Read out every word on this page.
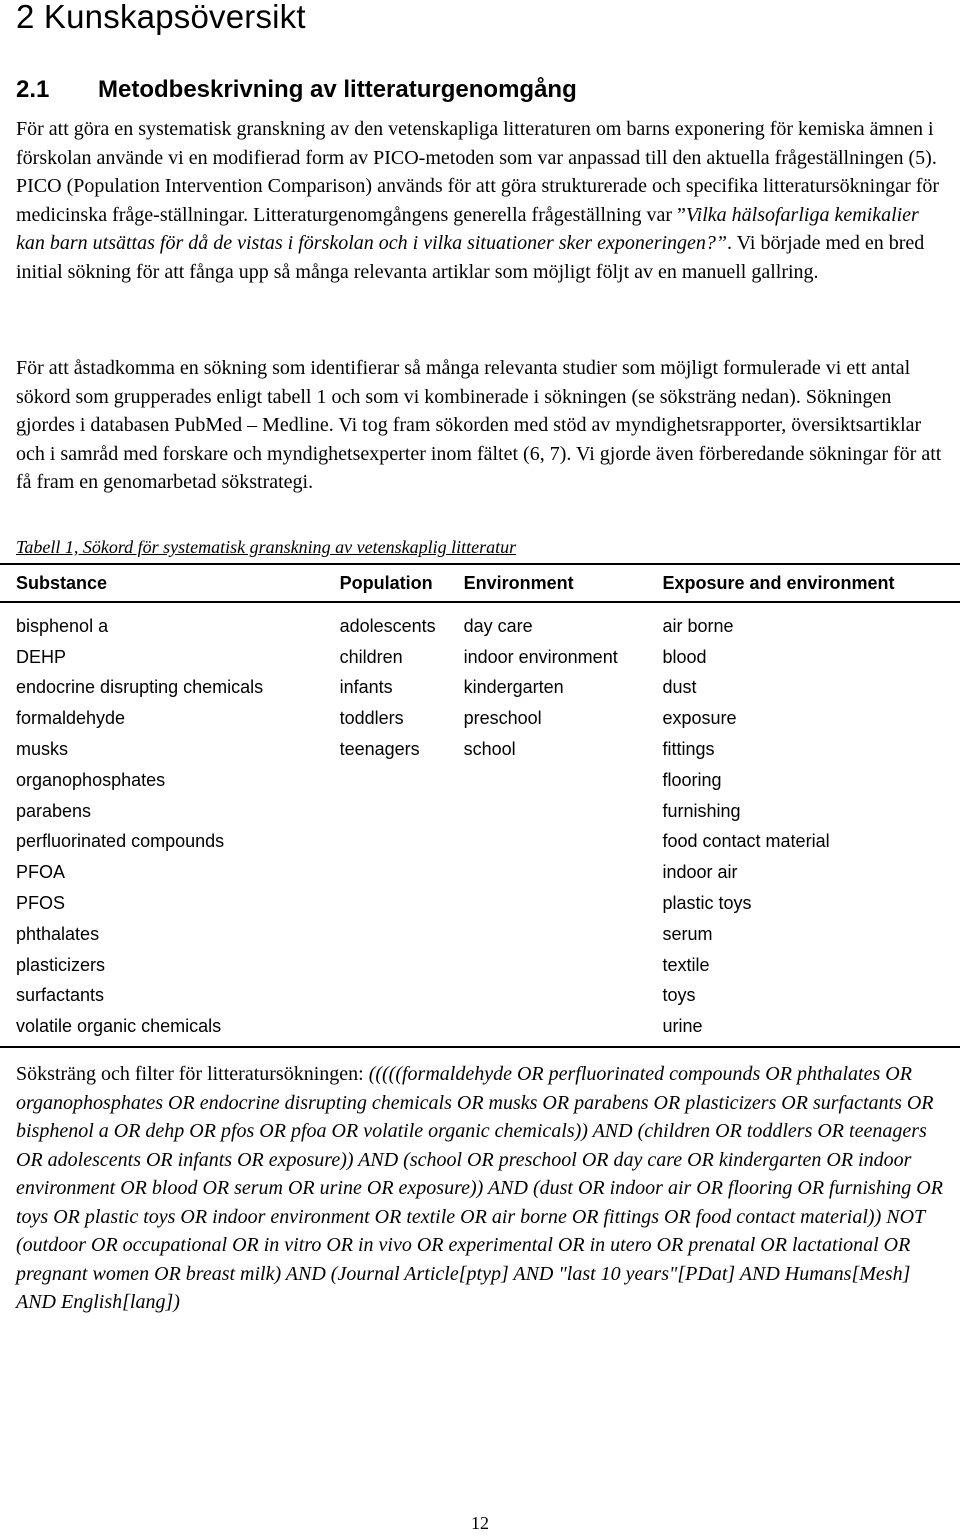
2 Kunskapsöversikt
2.1 Metodbeskrivning av litteraturgenomgång

För att göra en systematisk granskning av den vetenskapliga litteraturen om barns exponering för kemiska ämnen i förskolan använde vi en modifierad form av PICO-metoden som var anpassad till den aktuella frågeställningen (5). PICO (Population Intervention Comparison) används för att göra strukturerade och specifika litteratursökningar för medicinska fråge-ställningar. Litteraturgenomgångens generella frågeställning var ”Vilka hälsofarliga kemikalier kan barn utsättas för då de vistas i förskolan och i vilka situationer sker exponeringen?”. Vi började med en bred initial sökning för att fånga upp så många relevanta artiklar som möjligt följt av en manuell gallring.

För att åstadkomma en sökning som identifierar så många relevanta studier som möjligt formulerade vi ett antal sökord som grupperades enligt tabell 1 och som vi kombinerade i sökningen (se söksträng nedan). Sökningen gjordes i databasen PubMed – Medline. Vi tog fram sökorden med stöd av myndighetsrapporter, översiktsartiklar och i samråd med forskare och myndighetsexperter inom fältet (6, 7). Vi gjorde även förberedande sökningar för att få fram en genomarbetad sökstrategi.

Tabell 1, Sökord för systematisk granskning av vetenskaplig litteratur

Substance	Population	Environment	Exposure and environment
bisphenol a	adolescents	day care	air borne
DEHP	children	indoor environment	blood
endocrine disrupting chemicals	infants	kindergarten	dust
formaldehyde	toddlers	preschool	exposure
musks	teenagers	school	fittings
organophosphates			flooring
parabens			furnishing
perfluorinated compounds			food contact material
PFOA			indoor air
PFOS			plastic toys
phthalates			serum
plasticizers			textile
surfactants			toys
volatile organic chemicals			urine

Söksträng och filter för litteratursökningen: (((((formaldehyde OR perfluorinated compounds OR phthalates OR organophosphates OR endocrine disrupting chemicals OR musks OR parabens OR plasticizers OR surfactants OR bisphenol a OR dehp OR pfos OR pfoa OR volatile organic chemicals)) AND (children OR toddlers OR teenagers OR adolescents OR infants OR exposure)) AND (school OR preschool OR day care OR kindergarten OR indoor environment OR blood OR serum OR urine OR exposure)) AND (dust OR indoor air OR flooring OR furnishing OR toys OR plastic toys OR indoor environment OR textile OR air borne OR fittings OR food contact material)) NOT (outdoor OR occupational OR in vitro OR in vivo OR experimental OR in utero OR prenatal OR lactational OR pregnant women OR breast milk) AND (Journal Article[ptyp] AND "last 10 years"[PDat] AND Humans[Mesh] AND English[lang])

12
